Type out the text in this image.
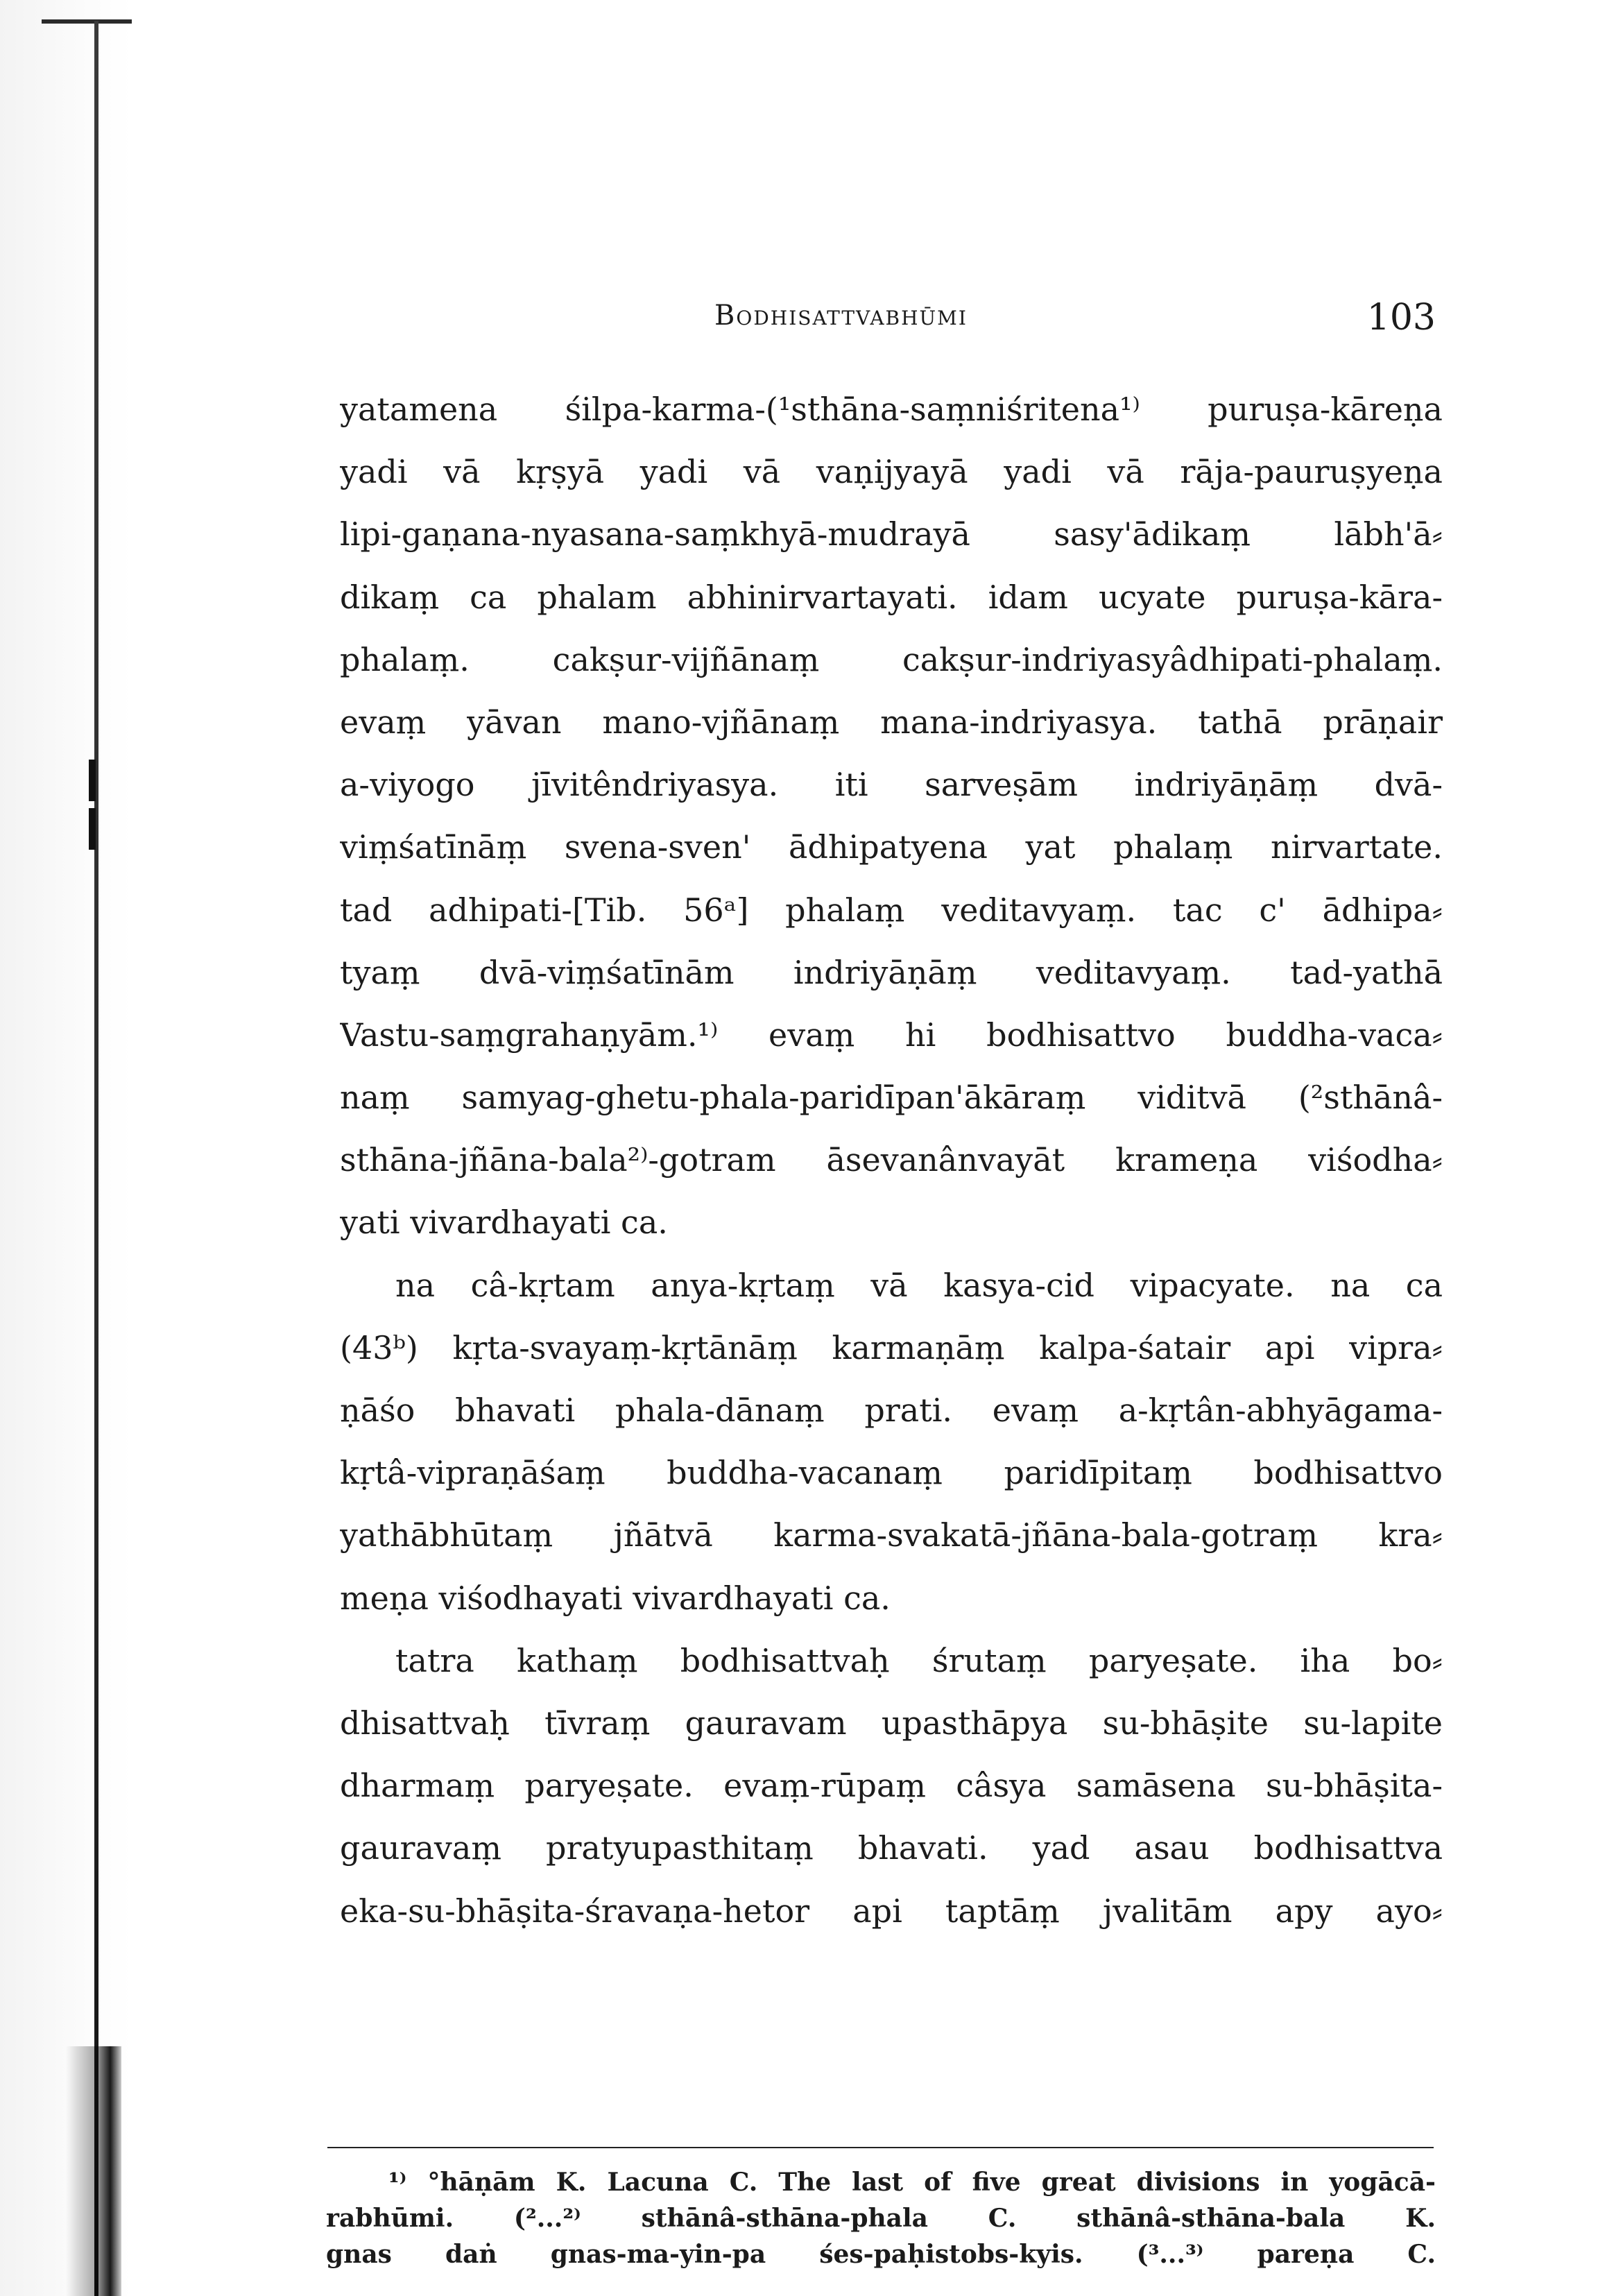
Bodhisattvabhūmi	103
yatamena śilpa-karma-(¹sthāna-saṃniśritena¹⁾ puruṣa-kāreṇa
yadi vā kṛṣyā yadi vā vaṇijyayā yadi vā rāja-pauruṣyeṇa
lipi-gaṇana-nyasana-saṃkhyā-mudrayā sasy'ādikaṃ lābh'ā⸗
dikaṃ ca phalam abhinirvartayati. idam ucyate puruṣa-kāra-
phalaṃ. cakṣur-vijñānaṃ cakṣur-indriyasyâdhipati-phalaṃ.
evaṃ yāvan mano-vjñānaṃ mana-indriyasya. tathā prāṇair
a-viyogo jīvitêndriyasya. iti sarveṣām indriyāṇāṃ dvā-
viṃśatīnāṃ svena-sven' ādhipatyena yat phalaṃ nirvartate.
tad adhipati-[Tib. 56ᵃ] phalaṃ veditavyaṃ. tac c' ādhipa⸗
tyaṃ dvā-viṃśatīnām indriyāṇāṃ veditavyaṃ. tad-yathā
Vastu-saṃgrahaṇyām.¹⁾ evaṃ hi bodhisattvo buddha-vaca⸗
naṃ samyag-ghetu-phala-paridīpan'ākāraṃ viditvā (²sthānâ-
sthāna-jñāna-bala²⁾-gotram āsevanânvayāt krameṇa viśodha⸗
yati vivardhayati ca.
na câ-kṛtam anya-kṛtaṃ vā kasya-cid vipacyate. na ca
(43ᵇ) kṛta-svayaṃ-kṛtānāṃ karmaṇāṃ kalpa-śatair api vipra⸗
ṇāśo bhavati phala-dānaṃ prati. evaṃ a-kṛtân-abhyāgama-
kṛtâ-vipraṇāśaṃ buddha-vacanaṃ paridīpitaṃ bodhisattvo
yathābhūtaṃ jñātvā karma-svakatā-jñāna-bala-gotraṃ kra⸗
meṇa viśodhayati vivardhayati ca.
tatra kathaṃ bodhisattvaḥ śrutaṃ paryeṣate. iha bo⸗
dhisattvaḥ tīvraṃ gauravam upasthāpya su-bhāṣite su-lapite
dharmaṃ paryeṣate. evaṃ-rūpaṃ câsya samāsena su-bhāṣita-
gauravaṃ pratyupasthitaṃ bhavati. yad asau bodhisattva
eka-su-bhāṣita-śravaṇa-hetor api taptāṃ jvalitām apy ayo⸗
¹⁾ °hāṇām K. Lacuna C. The last of five great divisions in yogācā-
rabhūmi. (²...²⁾ sthānâ-sthāna-phala C. sthānâ-sthāna-bala K.
gnas daṅ gnas-ma-yin-pa śes-paḥistobs-kyis. (³...³⁾ pareṇa C.
